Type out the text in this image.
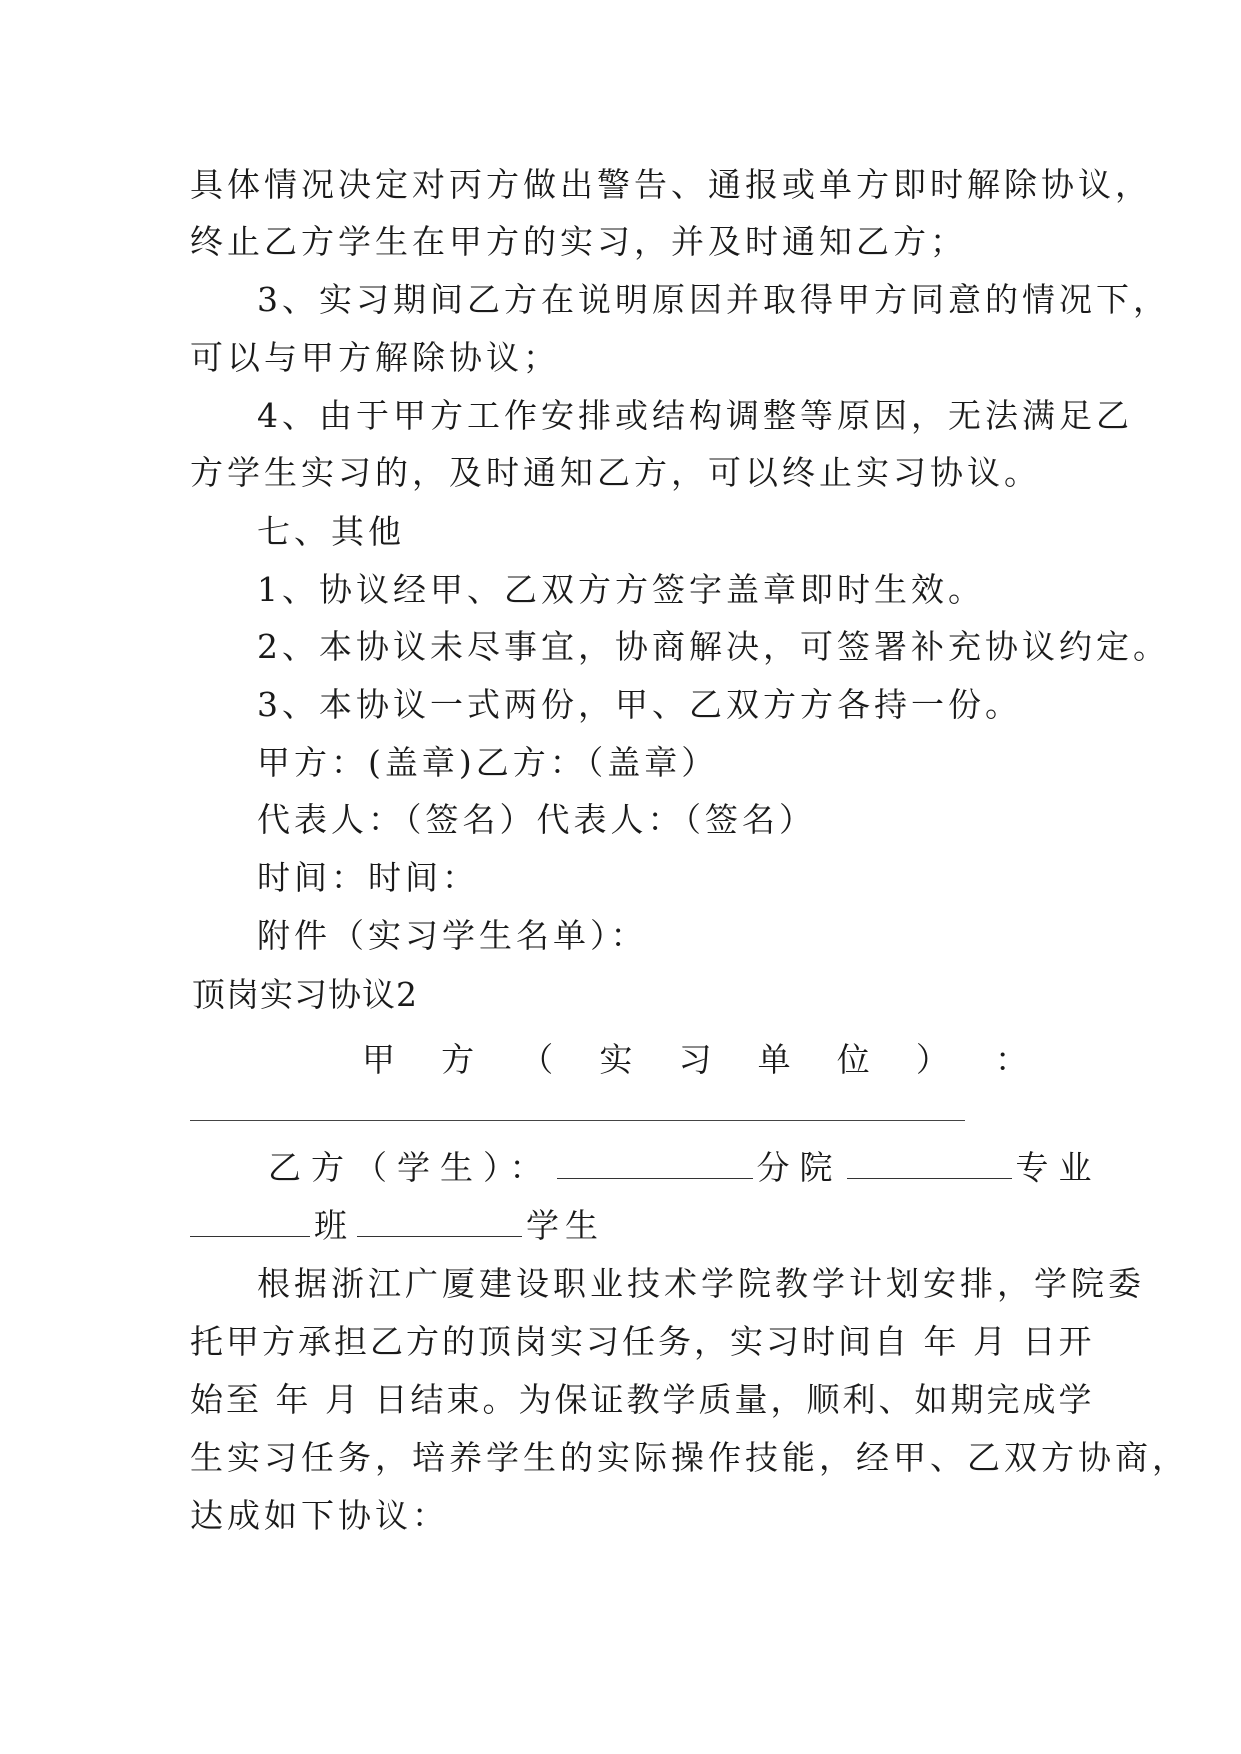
具体情况决定对丙方做出警告、通报或单方即时解除协议，
终止乙方学生在甲方的实习，并及时通知乙方；
3、实习期间乙方在说明原因并取得甲方同意的情况下，
可以与甲方解除协议；
4、由于甲方工作安排或结构调整等原因，无法满足乙
方学生实习的，及时通知乙方，可以终止实习协议。
七、其他
1、协议经甲、乙双方方签字盖章即时生效。
2、本协议未尽事宜，协商解决，可签署补充协议约定。
3、本协议一式两份，甲、乙双方方各持一份。
甲方：(盖章)乙方：（盖章）
代表人：（签名）代表人：（签名）
时间：时间：
附件（实习学生名单）：
顶岗实习协议2
甲 方 （ 实 习 单 位 ） ：
乙方（学生）：	分院	专业
班	学生
根据浙江广厦建设职业技术学院教学计划安排，学院委
托甲方承担乙方的顶岗实习任务，实习时间自 年 月 日开
始至 年 月 日结束。为保证教学质量，顺利、如期完成学
生实习任务，培养学生的实际操作技能，经甲、乙双方协商，
达成如下协议：
